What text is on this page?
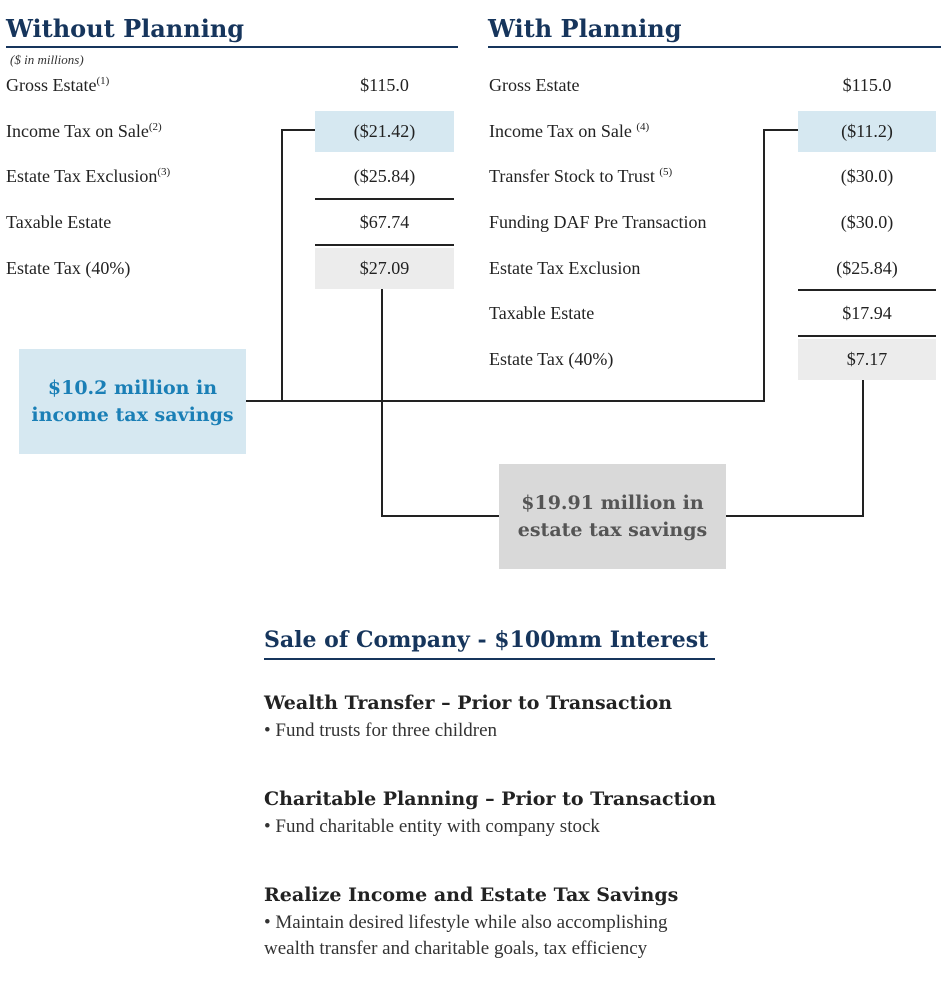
Without Planning
($ in millions)
Gross Estate$^{(1)}$	$115.0
Income Tax on Sale$^{(2)}$	($21.42)
Estate Tax Exclusion$^{(3)}$	($25.84)
Taxable Estate	$67.74
Estate Tax (40%)	$27.09
With Planning
Gross Estate	$115.0
Income Tax on Sale $^{(4)}$	($11.2)
Transfer Stock to Trust $^{(5)}$	($30.0)
Funding DAF Pre Transaction	($30.0)
Estate Tax Exclusion	($25.84)
Taxable Estate	$17.94
Estate Tax (40%)	$7.17
$10.2 million in
income tax savings
$19.91 million in
estate tax savings
Sale of Company - $100mm Interest
Wealth Transfer – Prior to Transaction
• Fund trusts for three children
Charitable Planning – Prior to Transaction
• Fund charitable entity with company stock
Realize Income and Estate Tax Savings
• Maintain desired lifestyle while also accomplishing wealth transfer and charitable goals, tax efficiency
